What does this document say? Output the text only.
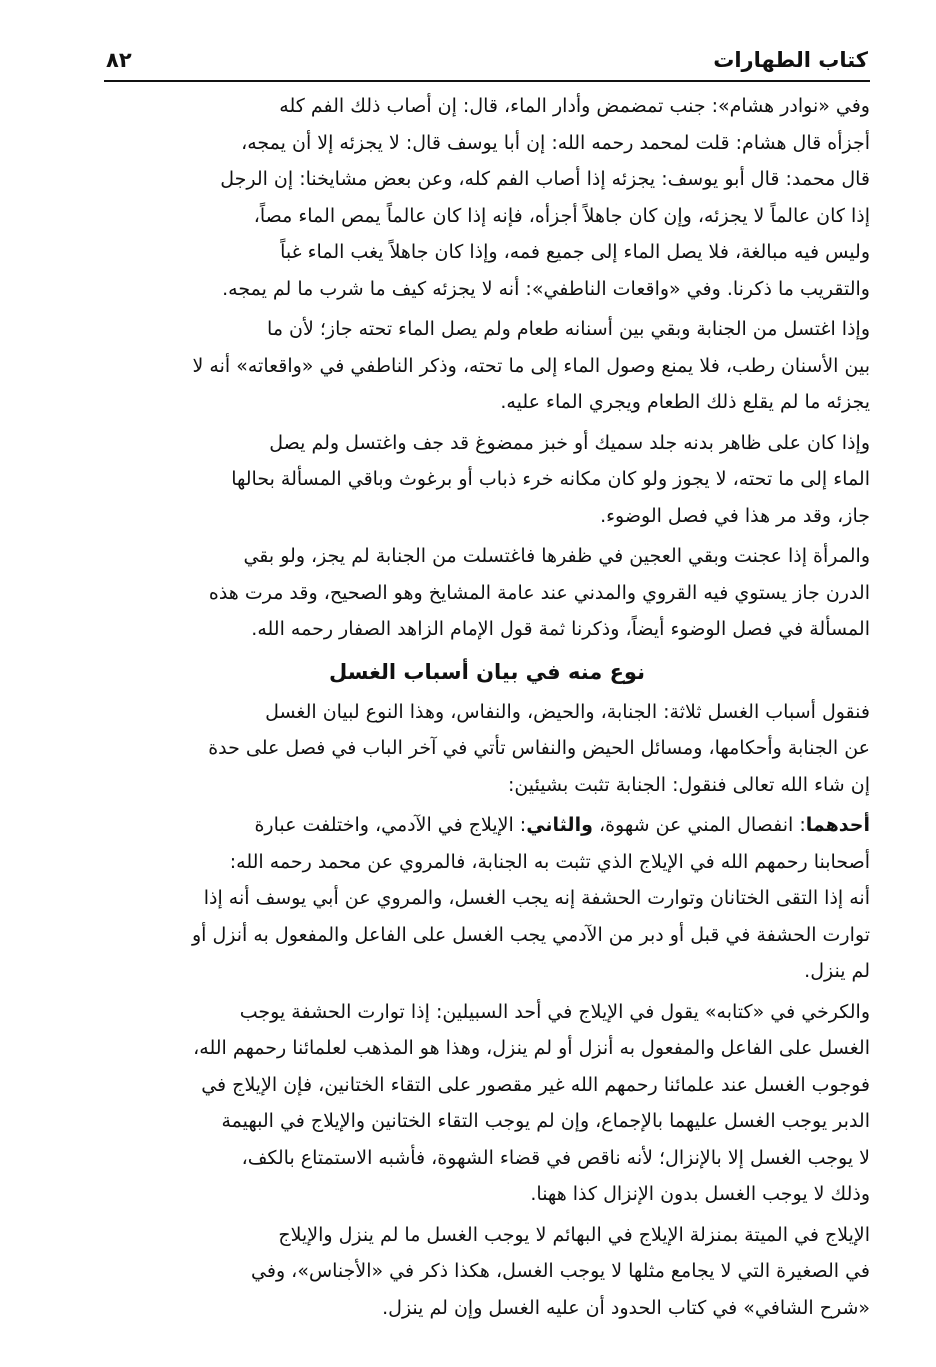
كتاب الطهارات
٨٢
وفي «نوادر هشام»: جنب تمضمض وأدار الماء، قال: إن أصاب ذلك الفم كله
أجزأه قال هشام: قلت لمحمد رحمه الله: إن أبا يوسف قال: لا يجزئه إلا أن يمجه،
قال محمد: قال أبو يوسف: يجزئه إذا أصاب الفم كله، وعن بعض مشايخنا: إن الرجل
إذا كان عالماً لا يجزئه، وإن كان جاهلاً أجزأه، فإنه إذا كان عالماً يمص الماء مصاً،
وليس فيه مبالغة، فلا يصل الماء إلى جميع فمه، وإذا كان جاهلاً يغب الماء غباً
والتقريب ما ذكرنا. وفي «واقعات الناطفي»: أنه لا يجزئه كيف ما شرب ما لم يمجه.
وإذا اغتسل من الجنابة وبقي بين أسنانه طعام ولم يصل الماء تحته جاز؛ لأن ما
بين الأسنان رطب، فلا يمنع وصول الماء إلى ما تحته، وذكر الناطفي في «واقعاته» أنه لا
يجزئه ما لم يقلع ذلك الطعام ويجري الماء عليه.
وإذا كان على ظاهر بدنه جلد سميك أو خبز ممضوغ قد جف واغتسل ولم يصل
الماء إلى ما تحته، لا يجوز ولو كان مكانه خرء ذباب أو برغوث وباقي المسألة بحالها
جاز، وقد مر هذا في فصل الوضوء.
والمرأة إذا عجنت وبقي العجين في ظفرها فاغتسلت من الجنابة لم يجز، ولو بقي
الدرن جاز يستوي فيه القروي والمدني عند عامة المشايخ وهو الصحيح، وقد مرت هذه
المسألة في فصل الوضوء أيضاً، وذكرنا ثمة قول الإمام الزاهد الصفار رحمه الله.
نوع منه في بيان أسباب الغسل
فنقول أسباب الغسل ثلاثة: الجنابة، والحيض، والنفاس، وهذا النوع لبيان الغسل
عن الجنابة وأحكامها، ومسائل الحيض والنفاس تأتي في آخر الباب في فصل على حدة
إن شاء الله تعالى فنقول: الجنابة تثبت بشيئين:
أحدهما: انفصال المني عن شهوة، والثاني: الإيلاج في الآدمي، واختلفت عبارة
أصحابنا رحمهم الله في الإيلاج الذي تثبت به الجنابة، فالمروي عن محمد رحمه الله:
أنه إذا التقى الختانان وتوارت الحشفة إنه يجب الغسل، والمروي عن أبي يوسف أنه إذا
توارت الحشفة في قبل أو دبر من الآدمي يجب الغسل على الفاعل والمفعول به أنزل أو
لم ينزل.
والكرخي في «كتابه» يقول في الإيلاج في أحد السبيلين: إذا توارت الحشفة يوجب
الغسل على الفاعل والمفعول به أنزل أو لم ينزل، وهذا هو المذهب لعلمائنا رحمهم الله،
فوجوب الغسل عند علمائنا رحمهم الله غير مقصور على التقاء الختانين، فإن الإيلاج في
الدبر يوجب الغسل عليهما بالإجماع، وإن لم يوجب التقاء الختانين والإيلاج في البهيمة
لا يوجب الغسل إلا بالإنزال؛ لأنه ناقص في قضاء الشهوة، فأشبه الاستمتاع بالكف،
وذلك لا يوجب الغسل بدون الإنزال كذا ههنا.
الإيلاج في الميتة بمنزلة الإيلاج في البهائم لا يوجب الغسل ما لم ينزل والإيلاج
في الصغيرة التي لا يجامع مثلها لا يوجب الغسل، هكذا ذكر في «الأجناس»، وفي
«شرح الشافي» في كتاب الحدود أن عليه الغسل وإن لم ينزل.
